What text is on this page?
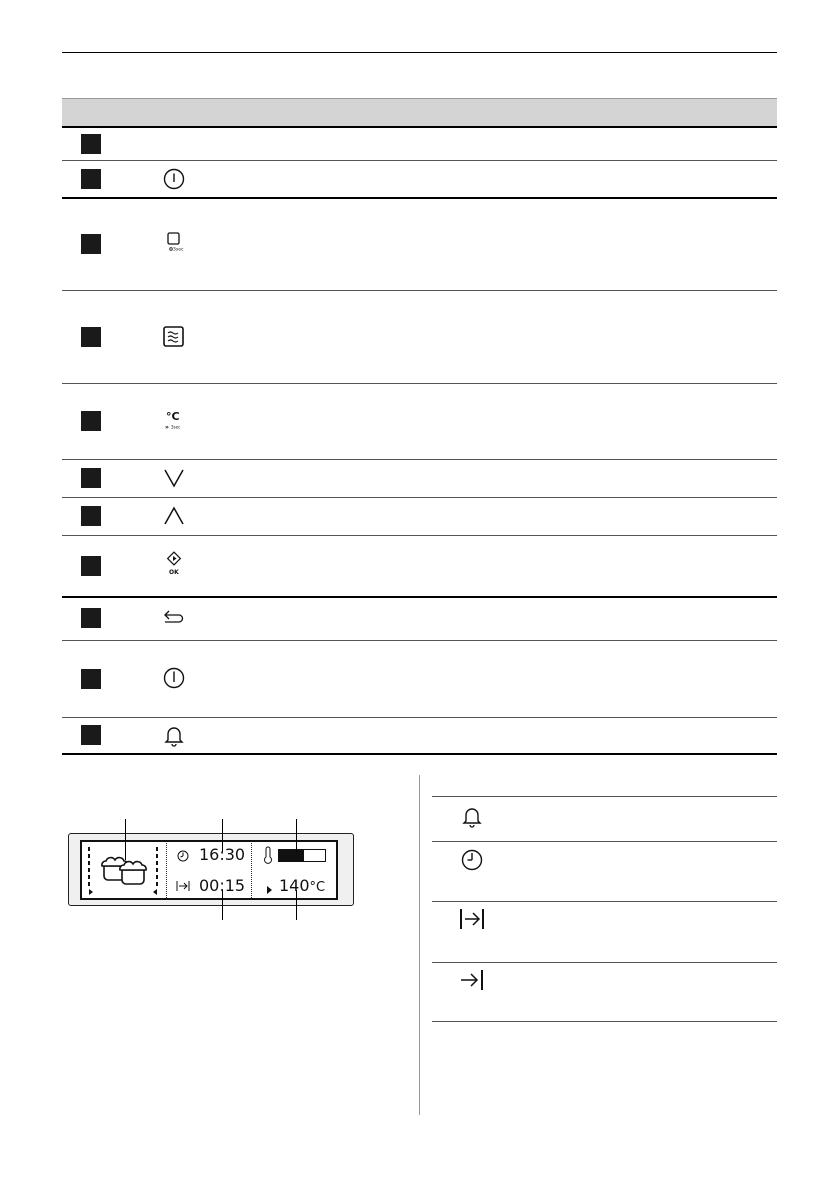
3sec
°C
» 3sec
OK
16:30
00:15 140°C
